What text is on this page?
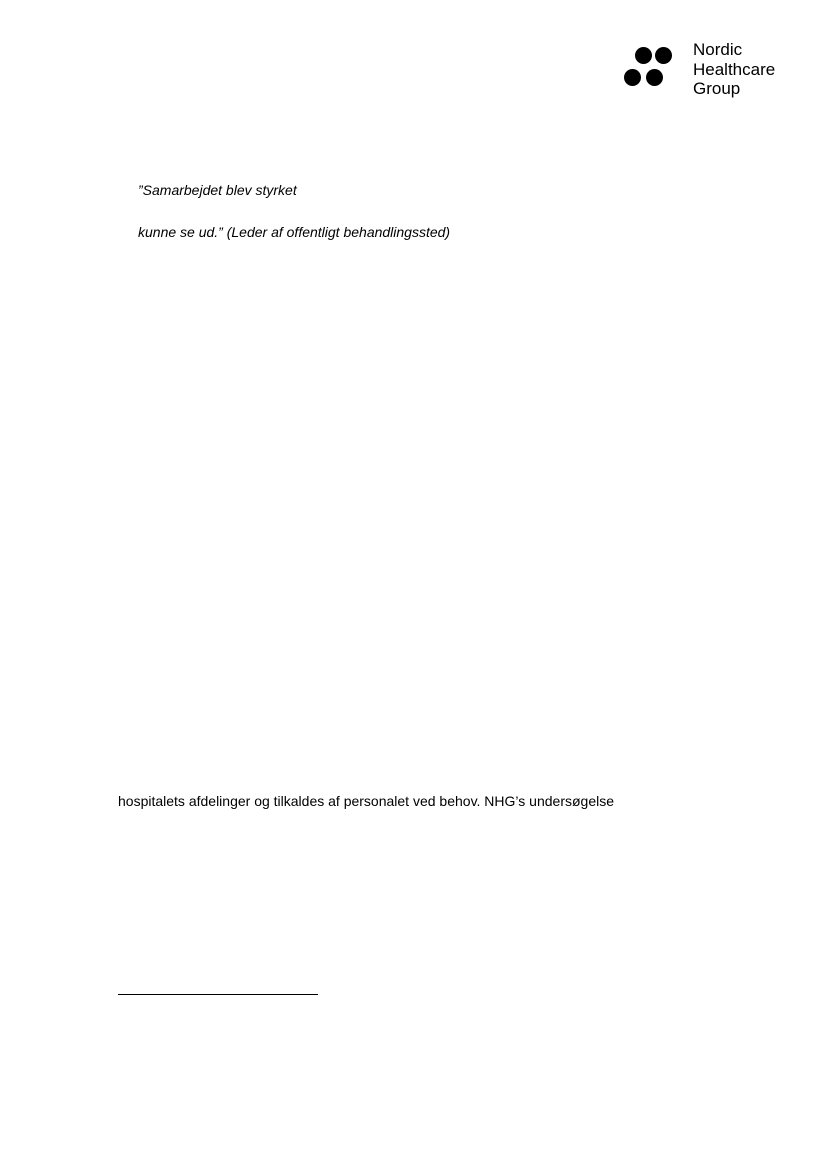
Nordic
Healthcare
Group
”Samarbejdet blev styrket
kunne se ud.” (Leder af offentligt behandlingssted)
hospitalets afdelinger og tilkaldes af personalet ved behov. NHG’s undersøgelse
